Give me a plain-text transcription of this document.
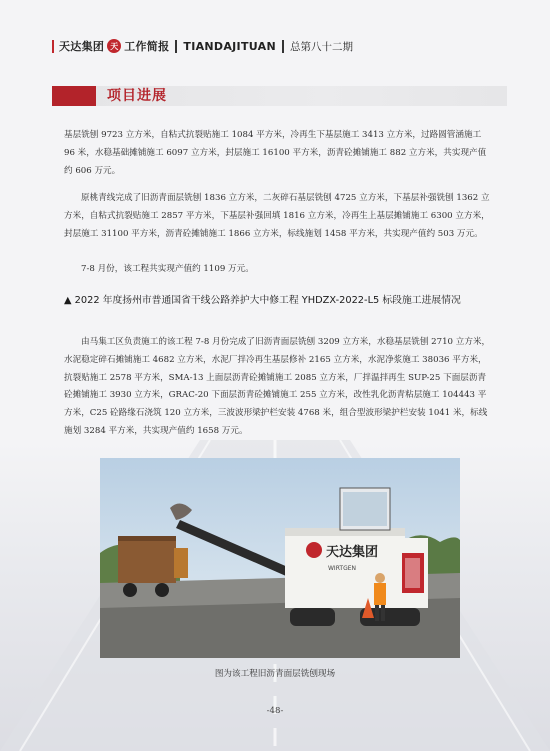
天达集团 天 工作简报 TIANDAJITUAN 总第八十二期
项目进展

基层铣刨 9723 立方米，自粘式抗裂贴施工 1084 平方米，冷再生下基层施工 3413 立方米，过路圆管涵施工 96 米，水稳基础摊铺施工 6097 立方米，封层施工 16100 平方米，沥青砼摊铺施工 882 立方米，共实现产值约 606 万元。

原桃青线完成了旧沥青面层铣刨 1836 立方米，二灰碎石基层铣刨 4725 立方米，下基层补强铣刨 1362 立方米，自粘式抗裂贴施工 2857 平方米，下基层补强回填 1816 立方米，冷再生上基层摊铺施工 6300 立方米，封层施工 31100 平方米，沥青砼摊铺施工 1866 立方米，标线施划 1458 平方米，共实现产值约 503 万元。

7-8 月份，该工程共实现产值约 1109 万元。

▲ 2022 年度扬州市普通国省干线公路养护大中修工程 YHDZX-2022-L5 标段施工进展情况

由马集工区负责施工的该工程 7-8 月份完成了旧沥青面层铣刨 3209 立方米，水稳基层铣刨 2710 立方米，水泥稳定碎石摊铺施工 4682 立方米，水泥厂拌冷再生基层修补 2165 立方米，水泥净浆施工 38036 平方米，抗裂贴施工 2578 平方米，SMA-13 上面层沥青砼摊铺施工 2085 立方米，厂拌温拌再生 SUP-25 下面层沥青砼摊铺施工 3930 立方米，GRAC-20 下面层沥青砼摊铺施工 255 立方米，改性乳化沥青粘层施工 104443 平方米，C25 砼路缘石浇筑 120 立方米，三波波形梁护栏安装 4768 米，组合型波形梁护栏安装 1041 米，标线施划 3284 平方米，共实现产值约 1658 万元。

天达集团
WIRTGEN
图为该工程旧沥青面层铣刨现场
-48-
